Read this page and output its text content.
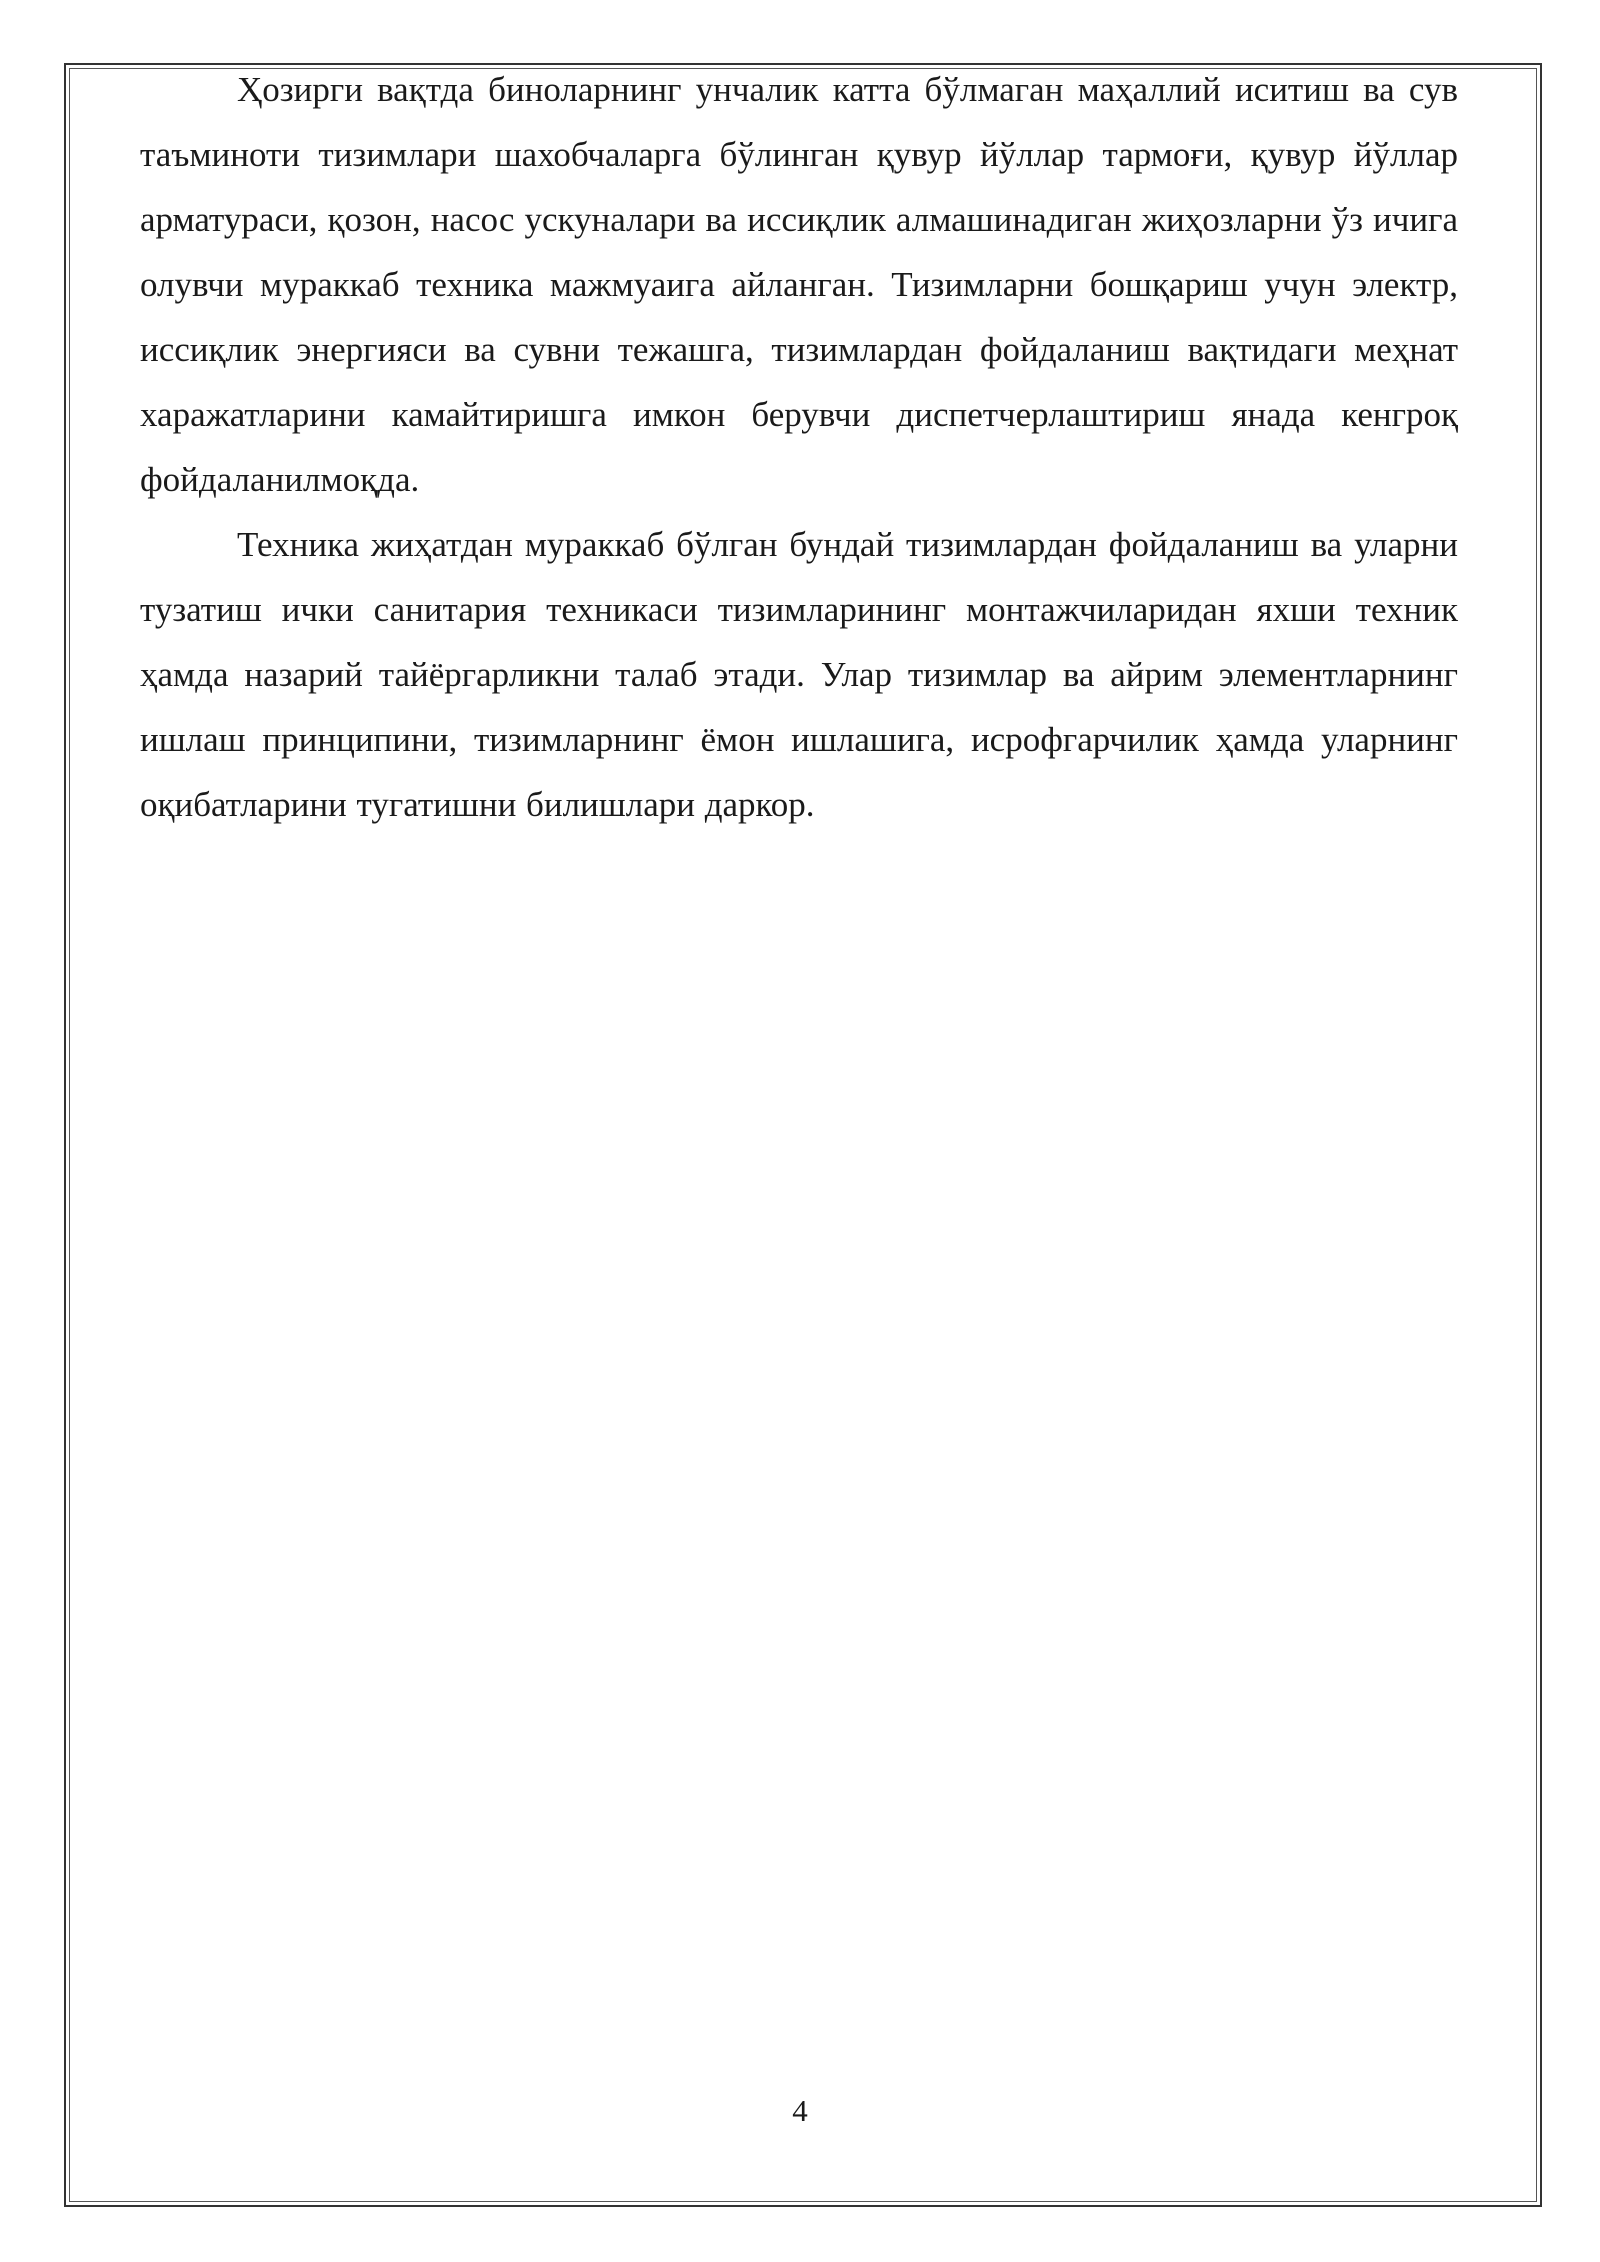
Ҳозирги вақтда биноларнинг унчалик катта бўлмаган маҳаллий иситиш ва сув таъминоти тизимлари шахобчаларга бўлинган қувур йўллар тармоғи, қувур йўллар арматураси, қозон, насос ускуналари ва иссиқлик алмашинадиган жиҳозларни ўз ичига олувчи мураккаб техника мажмуаига айланган. Тизимларни бошқариш учун электр, иссиқлик энергияси ва сувни тежашга, тизимлардан фойдаланиш вақтидаги меҳнат харажатларини камайтиришга имкон берувчи диспетчерлаштириш янада кенгроқ фойдаланилмоқда.

Техника жиҳатдан мураккаб бўлган бундай тизимлардан фойдаланиш ва уларни тузатиш ички санитария техникаси тизимларининг монтажчиларидан яхши техник ҳамда назарий тайёргарликни талаб этади. Улар тизимлар ва айрим элементларнинг ишлаш принципини, тизимларнинг ёмон ишлашига, исрофгарчилик ҳамда уларнинг оқибатларини тугатишни билишлари даркор.

4
